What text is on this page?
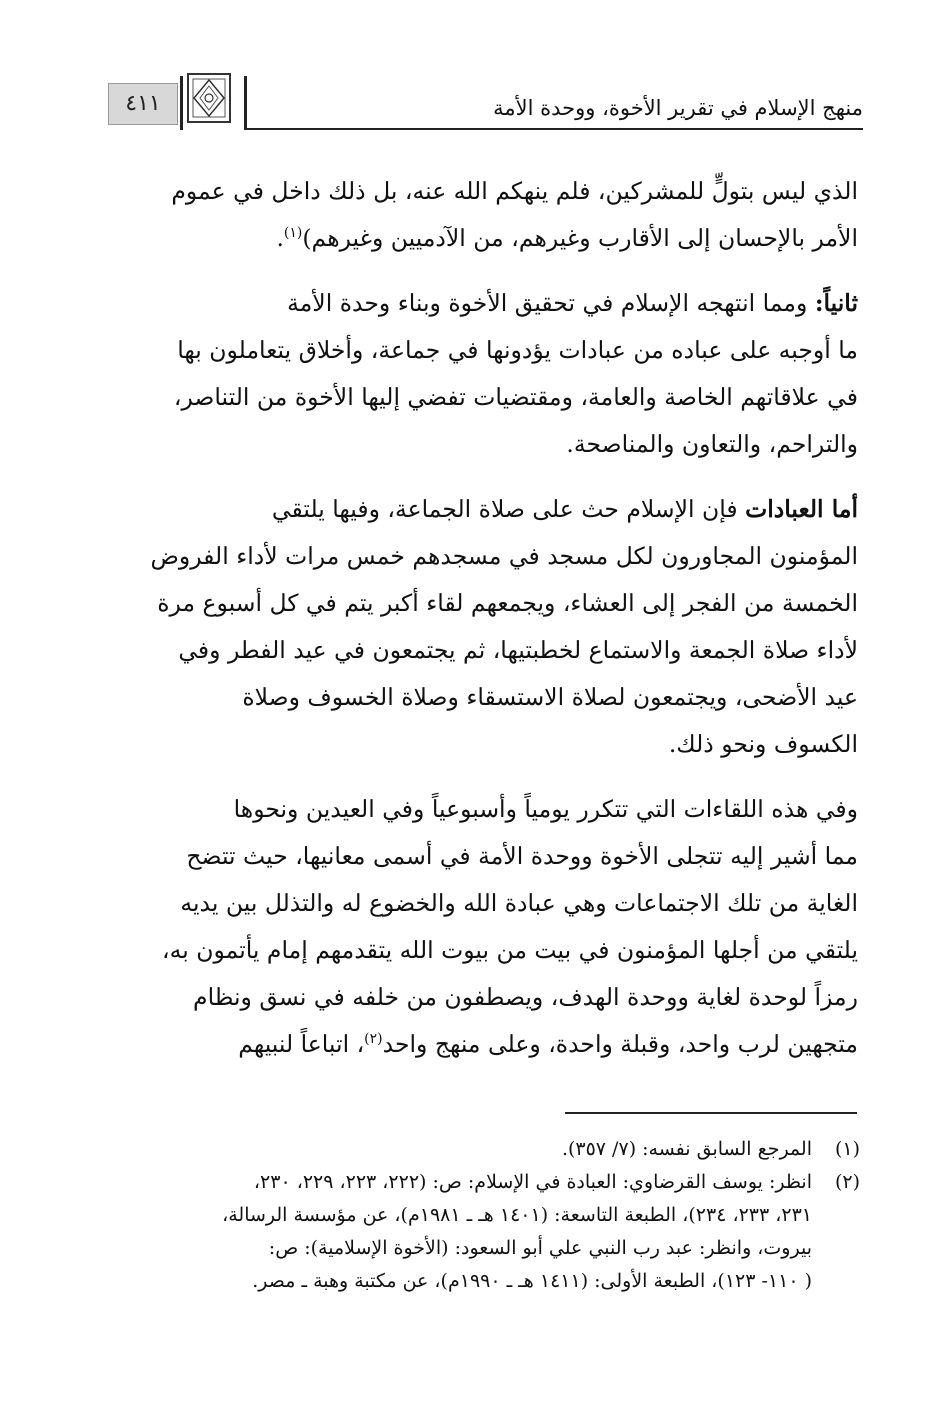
منهج الإسلام في تقرير الأخوة، ووحدة الأمة
٤١١
الذي ليس بتولٍّ للمشركين، فلم ينهكم الله عنه، بل ذلك داخل في عموم
الأمر بالإحسان إلى الأقارب وغيرهم، من الآدميين وغيرهم)$^{(١)}$.
ثانياً: ومما انتهجه الإسلام في تحقيق الأخوة وبناء وحدة الأمة
ما أوجبه على عباده من عبادات يؤدونها في جماعة، وأخلاق يتعاملون بها
في علاقاتهم الخاصة والعامة، ومقتضيات تفضي إليها الأخوة من التناصر،
والتراحم، والتعاون والمناصحة.
أما العبادات فإن الإسلام حث على صلاة الجماعة، وفيها يلتقي
المؤمنون المجاورون لكل مسجد في مسجدهم خمس مرات لأداء الفروض
الخمسة من الفجر إلى العشاء، ويجمعهم لقاء أكبر يتم في كل أسبوع مرة
لأداء صلاة الجمعة والاستماع لخطبتيها، ثم يجتمعون في عيد الفطر وفي
عيد الأضحى، ويجتمعون لصلاة الاستسقاء وصلاة الخسوف وصلاة
الكسوف ونحو ذلك.
وفي هذه اللقاءات التي تتكرر يومياً وأسبوعياً وفي العيدين ونحوها
مما أشير إليه تتجلى الأخوة ووحدة الأمة في أسمى معانيها، حيث تتضح
الغاية من تلك الاجتماعات وهي عبادة الله والخضوع له والتذلل بين يديه
يلتقي من أجلها المؤمنون في بيت من بيوت الله يتقدمهم إمام يأتمون به،
رمزاً لوحدة لغاية ووحدة الهدف، ويصطفون من خلفه في نسق ونظام
متجهين لرب واحد، وقبلة واحدة، وعلى منهج واحد$^{(٢)}$، اتباعاً لنبيهم
(١)
المرجع السابق نفسه: (٧/ ٣٥٧).
(٢)
انظر: يوسف القرضاوي: العبادة في الإسلام: ص: (٢٢٢، ٢٢٣، ٢٢٩، ٢٣٠،
٢٣١، ٢٣٣، ٢٣٤)، الطبعة التاسعة: (١٤٠١ هـ ـ ١٩٨١م)، عن مؤسسة الرسالة،
بيروت، وانظر: عبد رب النبي علي أبو السعود: (الأخوة الإسلامية): ص:
( ١١٠- ١٢٣)، الطبعة الأولى: (١٤١١ هـ ـ ١٩٩٠م)، عن مكتبة وهبة ـ مصر.
